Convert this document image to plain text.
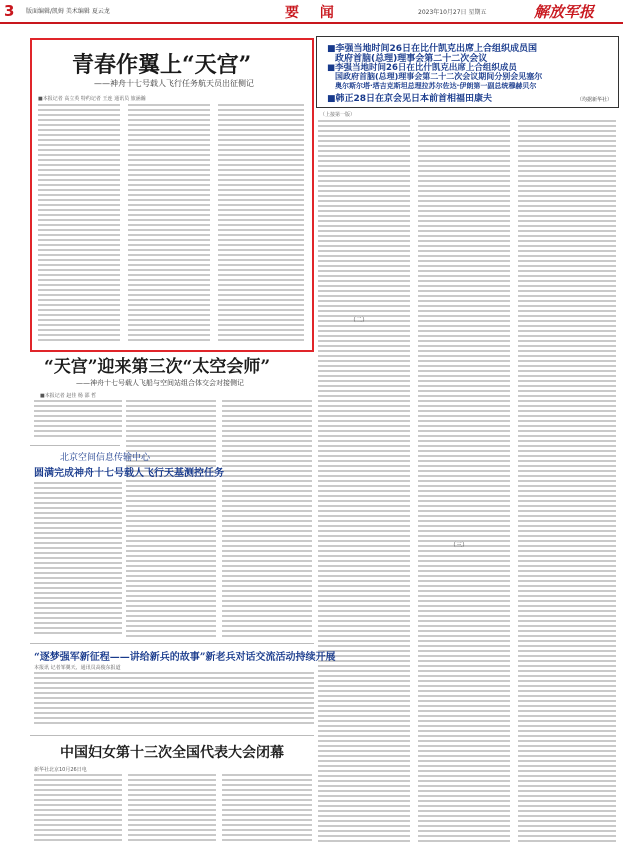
3 版面编辑/凯姆 美术编辑 夏云龙	要 闻	2023年10月27日 星期五	解放军报
青春作翼上“天宫”
——神舟十七号载人飞行任务航天员出征侧记
■本报记者 高立英 特约记者 王连 通讯员 旅涵瀚
■李强当地时间26日在比什凯克出席上合组织成员国
政府首脑(总理)理事会第二十二次会议
■李强当地时间26日在比什凯克出席上合组织成员
国政府首脑(总理)理事会第二十二次会议期间分别会见塞尔
奥尔斯尔塔·塔吉克斯坦总理拉苏尔佐达·伊朗第一副总统穆赫贝尔
■韩正28日在京会见日本前首相福田康夫	（均据新华社）
（上接第一版）
（二）
（三）
“天宫”迎来第三次“太空会师”
——神舟十七号载人飞船与空间站组合体交会对接侧记
■本报记者 赵佳 杨 邵 哲
北京空间信息传输中心
圆满完成神舟十七号载人飞行天基测控任务
“逐梦强军新征程——讲给新兵的故事”新老兵对话交流活动持续开展
本报讯 记者邹翼天、通讯员高俊东报道
中国妇女第十三次全国代表大会闭幕
新华社北京10月26日电
